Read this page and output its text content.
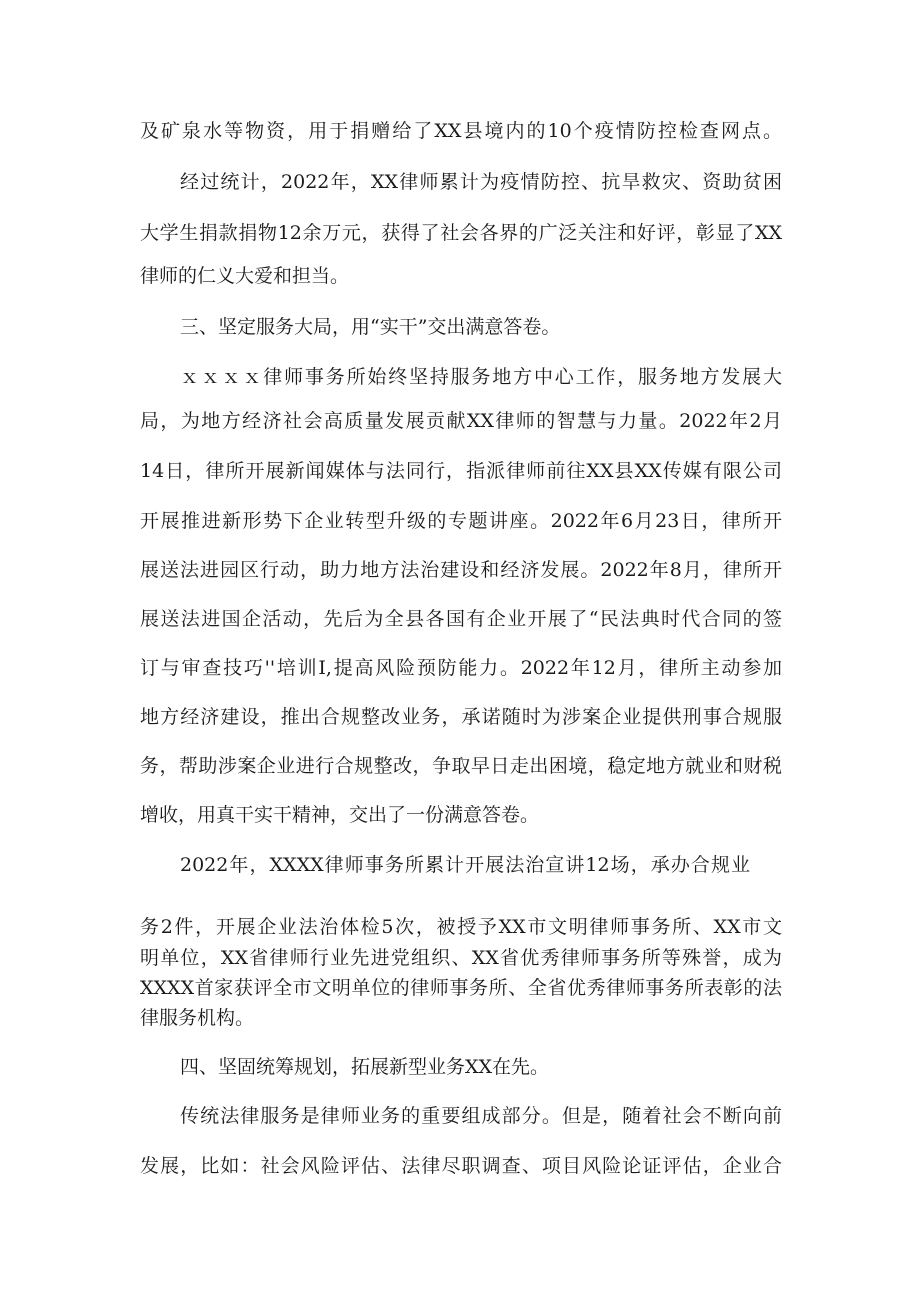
及矿泉水等物资，用于捐赠给了XX县境内的10个疫情防控检查网点。
经过统计，2022年，XX律师累计为疫情防控、抗旱救灾、资助贫困
大学生捐款捐物12余万元，获得了社会各界的广泛关注和好评，彰显了XX
律师的仁义大爱和担当。
三、坚定服务大局，用“实干”交出满意答卷。
ｘｘｘｘ律师事务所始终坚持服务地方中心工作，服务地方发展大
局，为地方经济社会高质量发展贡献XX律师的智慧与力量。2022年2月
14日，律所开展新闻媒体与法同行，指派律师前往XX县XX传媒有限公司
开展推进新形势下企业转型升级的专题讲座。2022年6月23日，律所开
展送法进园区行动，助力地方法治建设和经济发展。2022年8月，律所开
展送法进国企活动，先后为全县各国有企业开展了“民法典时代合同的签
订与审查技巧''培训I,提高风险预防能力。2022年12月，律所主动参加
地方经济建设，推出合规整改业务，承诺随时为涉案企业提供刑事合规服
务，帮助涉案企业进行合规整改，争取早日走出困境，稳定地方就业和财税
增收，用真干实干精神，交出了一份满意答卷。
2022年，XXXX律师事务所累计开展法治宣讲12场，承办合规业
务2件，开展企业法治体检5次，被授予XX市文明律师事务所、XX市文
明单位，XX省律师行业先进党组织、XX省优秀律师事务所等殊誉，成为
XXXX首家获评全市文明单位的律师事务所、全省优秀律师事务所表彰的法
律服务机构。
四、坚固统筹规划，拓展新型业务XX在先。
传统法律服务是律师业务的重要组成部分。但是，随着社会不断向前
发展，比如：社会风险评估、法律尽职调查、项目风险论证评估，企业合
